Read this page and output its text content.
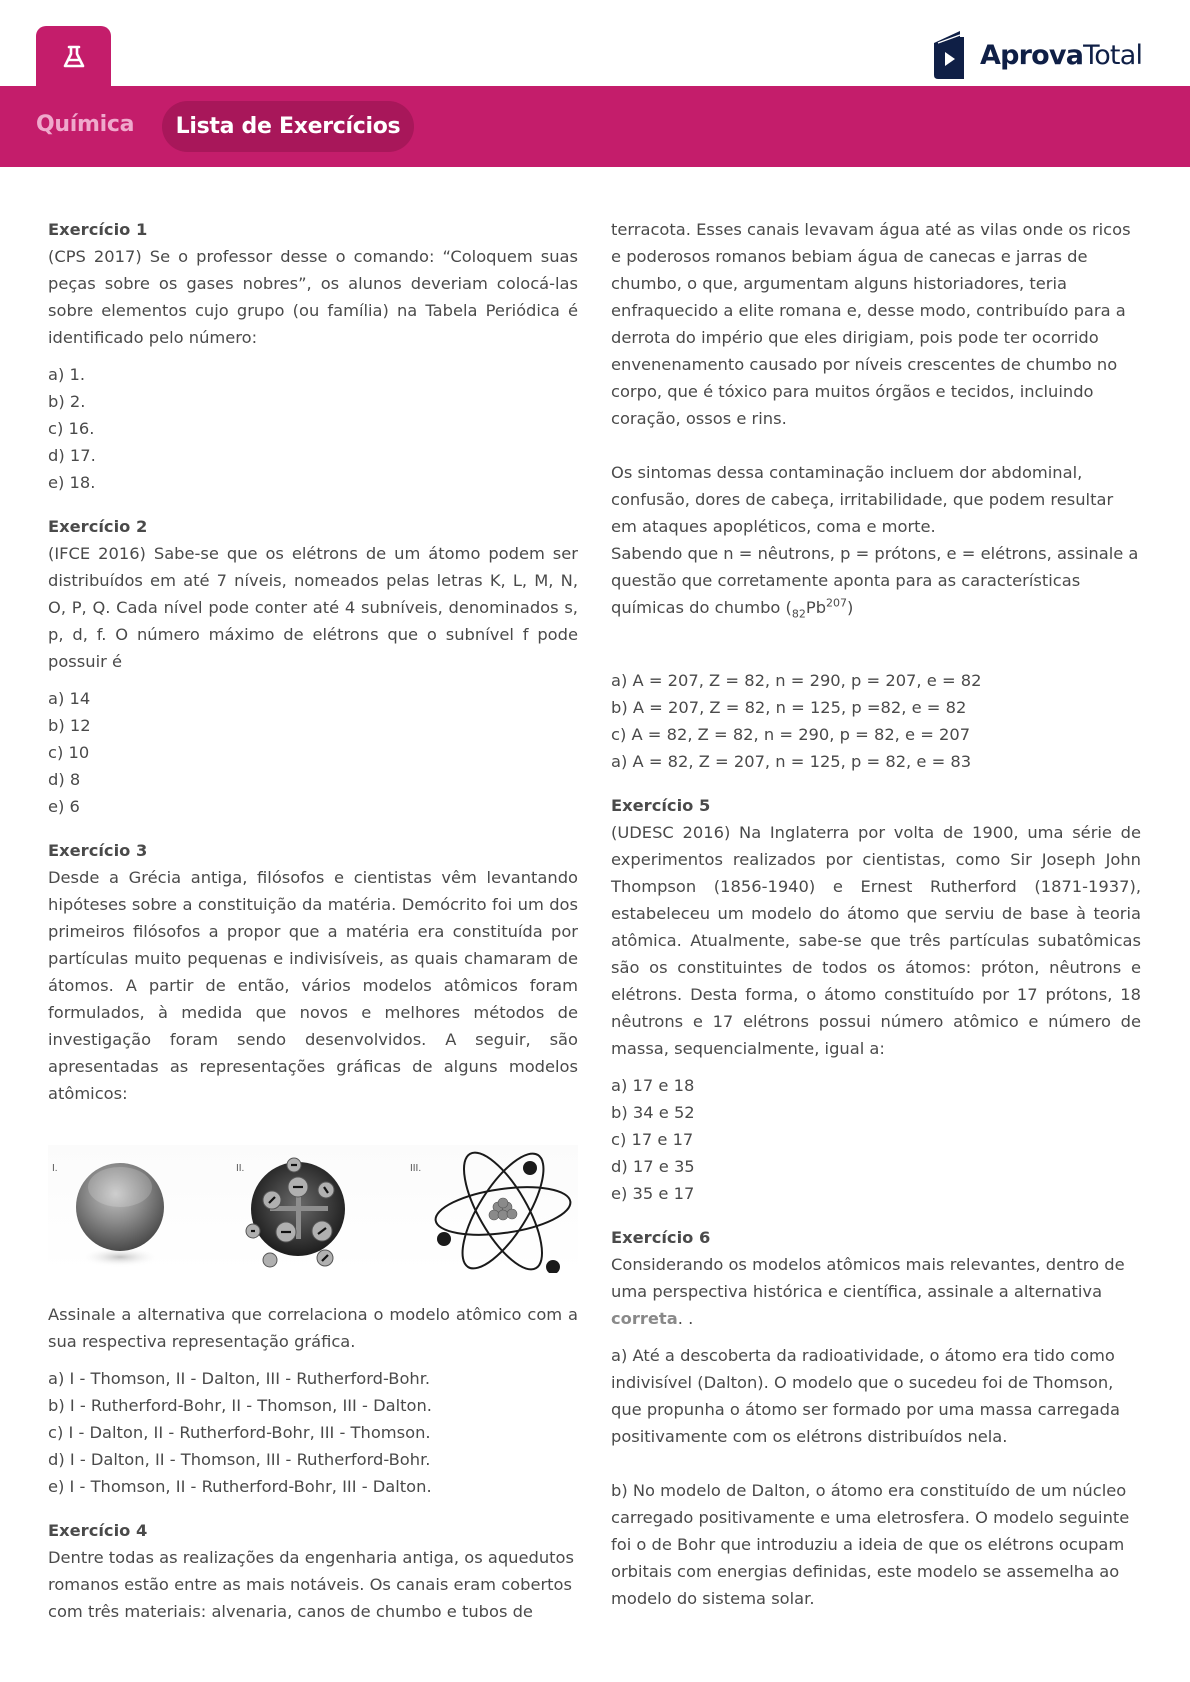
Química	Lista de Exercícios
AprovaTotal
Exercício 1
(CPS 2017) Se o professor desse o comando: “Coloquem suas peças sobre os gases nobres”, os alunos deveriam colocá-las sobre elementos cujo grupo (ou família) na Tabela Periódica é identificado pelo número:
a) 1.
b) 2.
c) 16.
d) 17.
e) 18.
Exercício 2
(IFCE 2016) Sabe-se que os elétrons de um átomo podem ser distribuídos em até 7 níveis, nomeados pelas letras K, L, M, N, O, P, Q. Cada nível pode conter até 4 subníveis, denominados s, p, d, f. O número máximo de elétrons que o subnível f pode possuir é
a) 14
b) 12
c) 10
d) 8
e) 6
Exercício 3
Desde a Grécia antiga, filósofos e cientistas vêm levantando hipóteses sobre a constituição da matéria. Demócrito foi um dos primeiros filósofos a propor que a matéria era constituída por partículas muito pequenas e indivisíveis, as quais chamaram de átomos. A partir de então, vários modelos atômicos foram formulados, à medida que novos e melhores métodos de investigação foram sendo desenvolvidos. A seguir, são apresentadas as representações gráficas de alguns modelos atômicos:
I.	II.	III.
Assinale a alternativa que correlaciona o modelo atômico com a sua respectiva representação gráfica.
a) I - Thomson, II - Dalton, III - Rutherford-Bohr.
b) I - Rutherford-Bohr, II - Thomson, III - Dalton.
c) I - Dalton, II - Rutherford-Bohr, III - Thomson.
d) I - Dalton, II - Thomson, III - Rutherford-Bohr.
e) I - Thomson, II - Rutherford-Bohr, III - Dalton.
Exercício 4
Dentre todas as realizações da engenharia antiga, os aquedutos romanos estão entre as mais notáveis. Os canais eram cobertos com três materiais: alvenaria, canos de chumbo e tubos de
terracota. Esses canais levavam água até as vilas onde os ricos e poderosos romanos bebiam água de canecas e jarras de chumbo, o que, argumentam alguns historiadores, teria enfraquecido a elite romana e, desse modo, contribuído para a derrota do império que eles dirigiam, pois pode ter ocorrido envenenamento causado por níveis crescentes de chumbo no corpo, que é tóxico para muitos órgãos e tecidos, incluindo coração, ossos e rins.
Os sintomas dessa contaminação incluem dor abdominal, confusão, dores de cabeça, irritabilidade, que podem resultar em ataques apopléticos, coma e morte.
Sabendo que n = nêutrons, p = prótons, e = elétrons, assinale a questão que corretamente aponta para as características químicas do chumbo $(_{82}Pb^{207})$
a) A = 207, Z = 82, n = 290, p = 207, e = 82
b) A = 207, Z = 82, n = 125, p =82, e = 82
c) A = 82, Z = 82, n = 290, p = 82, e = 207
a) A = 82, Z = 207, n = 125, p = 82, e = 83
Exercício 5
(UDESC 2016) Na Inglaterra por volta de 1900, uma série de experimentos realizados por cientistas, como Sir Joseph John Thompson (1856-1940) e Ernest Rutherford (1871-1937), estabeleceu um modelo do átomo que serviu de base à teoria atômica. Atualmente, sabe-se que três partículas subatômicas são os constituintes de todos os átomos: próton, nêutrons e elétrons. Desta forma, o átomo constituído por 17 prótons, 18 nêutrons e 17 elétrons possui número atômico e número de massa, sequencialmente, igual a:
a) 17 e 18
b) 34 e 52
c) 17 e 17
d) 17 e 35
e) 35 e 17
Exercício 6
Considerando os modelos atômicos mais relevantes, dentro de uma perspectiva histórica e científica, assinale a alternativa correta. .
a) Até a descoberta da radioatividade, o átomo era tido como indivisível (Dalton). O modelo que o sucedeu foi de Thomson, que propunha o átomo ser formado por uma massa carregada positivamente com os elétrons distribuídos nela.
b) No modelo de Dalton, o átomo era constituído de um núcleo carregado positivamente e uma eletrosfera. O modelo seguinte foi o de Bohr que introduziu a ideia de que os elétrons ocupam orbitais com energias definidas, este modelo se assemelha ao modelo do sistema solar.
